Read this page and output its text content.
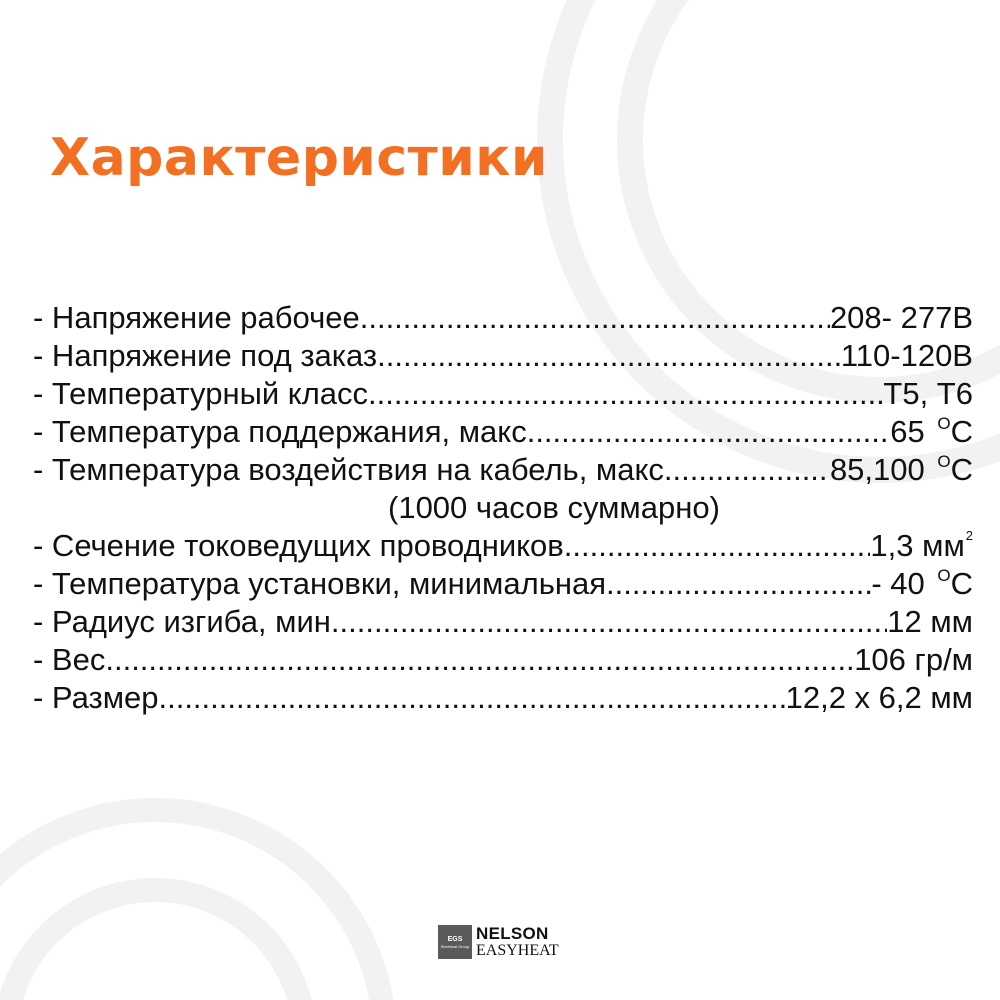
Характеристики
- Напряжение рабочее .....	208- 277В
- Напряжение под заказ .....	110-120В
- Температурный класс .....	Т5, Т6
- Температура поддержания, макс .....	65 $^О$С
- Температура воздействия на кабель, макс .....	85,100 $^О$С
(1000 часов суммарно)
- Сечение токоведущих проводников .....	1,3 $мм^2$
- Температура установки, минимальная .....	- 40 $^О$С
- Радиус изгиба, мин. .....	12 мм
- Вес .....	106 гр/м
- Размер .....	12,2 х 6,2 мм
EGS
Electrical Group
NELSON
EASYHEAT
